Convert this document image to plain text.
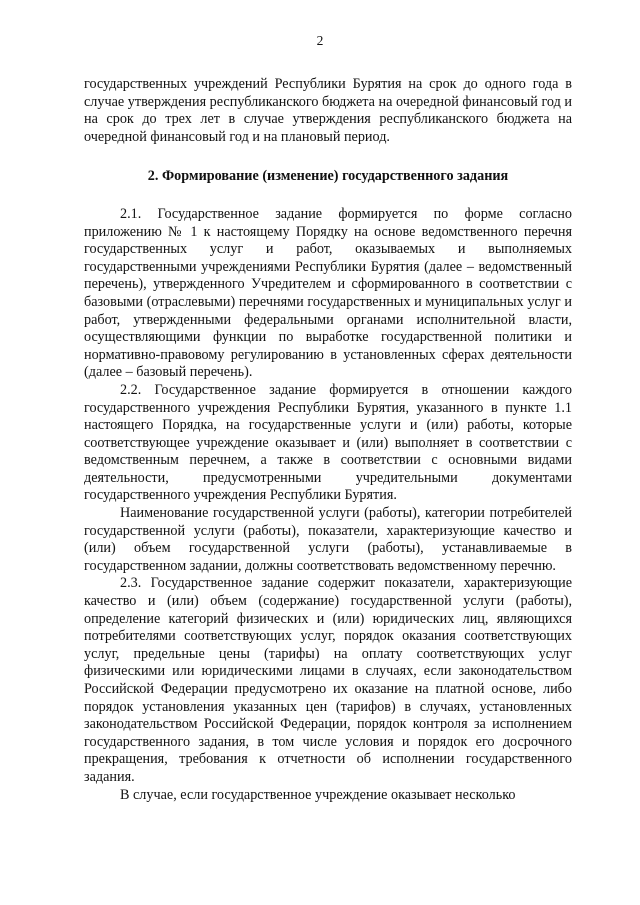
2

государственных учреждений Республики Бурятия на срок до одного года в случае утверждения республиканского бюджета на очередной финансовый год и на срок до трех лет в случае утверждения республиканского бюджета на очередной финансовый год и на плановый период.

2. Формирование (изменение) государственного задания

2.1. Государственное задание формируется по форме согласно приложению № 1 к настоящему Порядку на основе ведомственного перечня государственных услуг и работ, оказываемых и выполняемых государственными учреждениями Республики Бурятия (далее – ведомственный перечень), утвержденного Учредителем и сформированного в соответствии с базовыми (отраслевыми) перечнями государственных и муниципальных услуг и работ, утвержденными федеральными органами исполнительной власти, осуществляющими функции по выработке государственной политики и нормативно-правовому регулированию в установленных сферах деятельности (далее – базовый перечень).

2.2. Государственное задание формируется в отношении каждого государственного учреждения Республики Бурятия, указанного в пункте 1.1 настоящего Порядка, на государственные услуги и (или) работы, которые соответствующее учреждение оказывает и (или) выполняет в соответствии с ведомственным перечнем, а также в соответствии с основными видами деятельности, предусмотренными учредительными документами государственного учреждения Республики Бурятия.

Наименование государственной услуги (работы), категории потребителей государственной услуги (работы), показатели, характеризующие качество и (или) объем государственной услуги (работы), устанавливаемые в государственном задании, должны соответствовать ведомственному перечню.

2.3. Государственное задание содержит показатели, характеризующие качество и (или) объем (содержание) государственной услуги (работы), определение категорий физических и (или) юридических лиц, являющихся потребителями соответствующих услуг, порядок оказания соответствующих услуг, предельные цены (тарифы) на оплату соответствующих услуг физическими или юридическими лицами в случаях, если законодательством Российской Федерации предусмотрено их оказание на платной основе, либо порядок установления указанных цен (тарифов) в случаях, установленных законодательством Российской Федерации, порядок контроля за исполнением государственного задания, в том числе условия и порядок его досрочного прекращения, требования к отчетности об исполнении государственного задания.

В случае, если государственное учреждение оказывает несколько
